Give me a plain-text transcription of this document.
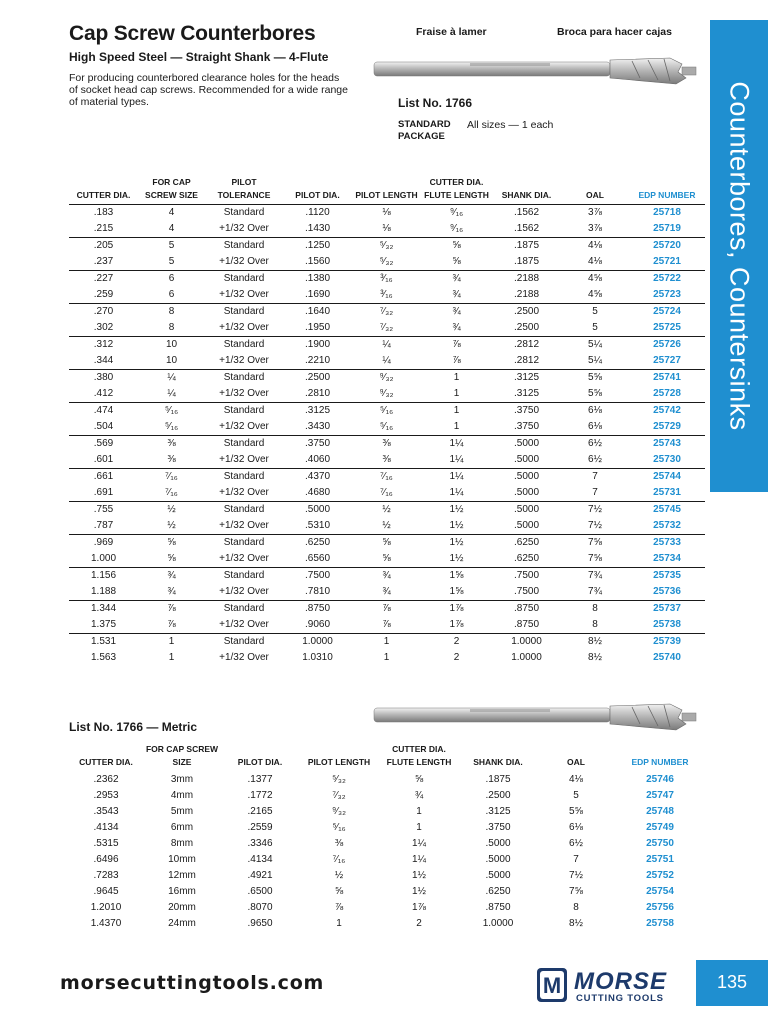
Cap Screw Counterbores
High Speed Steel — Straight Shank — 4-Flute
For producing counterbored clearance holes for the heads of socket head cap screws. Recommended for a wide range of material types.
Fraise à lamer	Broca para hacer cajas
List No. 1766
STANDARD PACKAGE
All sizes — 1 each	Counterbores, Countersinks
CUTTER DIA.	FOR CAP SCREW SIZE	PILOT TOLERANCE	PILOT DIA.	PILOT LENGTH	CUTTER DIA. FLUTE LENGTH	SHANK DIA.	OAL	EDP NUMBER
.183	4	Standard	.1120	⅛	⁹⁄₁₆	.1562	3⅞	25718
.215	4	+1/32 Over	.1430	⅛	⁹⁄₁₆	.1562	3⅞	25719
.205	5	Standard	.1250	⁵⁄₃₂	⅝	.1875	4⅛	25720
.237	5	+1/32 Over	.1560	⁵⁄₃₂	⅝	.1875	4⅛	25721
.227	6	Standard	.1380	³⁄₁₆	¾	.2188	4⅝	25722
.259	6	+1/32 Over	.1690	³⁄₁₆	¾	.2188	4⅝	25723
.270	8	Standard	.1640	⁷⁄₃₂	¾	.2500	5	25724
.302	8	+1/32 Over	.1950	⁷⁄₃₂	¾	.2500	5	25725
.312	10	Standard	.1900	¼	⅞	.2812	5¼	25726
.344	10	+1/32 Over	.2210	¼	⅞	.2812	5¼	25727
.380	¼	Standard	.2500	⁹⁄₃₂	1	.3125	5⅝	25741
.412	¼	+1/32 Over	.2810	⁹⁄₃₂	1	.3125	5⅝	25728
.474	⁵⁄₁₆	Standard	.3125	⁵⁄₁₆	1	.3750	6⅛	25742
.504	⁵⁄₁₆	+1/32 Over	.3430	⁵⁄₁₆	1	.3750	6⅛	25729
.569	⅜	Standard	.3750	⅜	1¼	.5000	6½	25743
.601	⅜	+1/32 Over	.4060	⅜	1¼	.5000	6½	25730
.661	⁷⁄₁₆	Standard	.4370	⁷⁄₁₆	1¼	.5000	7	25744
.691	⁷⁄₁₆	+1/32 Over	.4680	⁷⁄₁₆	1¼	.5000	7	25731
.755	½	Standard	.5000	½	1½	.5000	7½	25745
.787	½	+1/32 Over	.5310	½	1½	.5000	7½	25732
.969	⅝	Standard	.6250	⅝	1½	.6250	7⅝	25733
1.000	⅝	+1/32 Over	.6560	⅝	1½	.6250	7⅝	25734
1.156	¾	Standard	.7500	¾	1⅝	.7500	7¾	25735
1.188	¾	+1/32 Over	.7810	¾	1⅝	.7500	7¾	25736
1.344	⅞	Standard	.8750	⅞	1⅞	.8750	8	25737
1.375	⅞	+1/32 Over	.9060	⅞	1⅞	.8750	8	25738
1.531	1	Standard	1.0000	1	2	1.0000	8½	25739
1.563	1	+1/32 Over	1.0310	1	2	1.0000	8½	25740
List No. 1766 — Metric
CUTTER DIA.	FOR CAP SCREW SIZE	PILOT DIA.	PILOT LENGTH	CUTTER DIA. FLUTE LENGTH	SHANK DIA.	OAL	EDP NUMBER
.2362	3mm	.1377	⁵⁄₃₂	⅝	.1875	4⅛	25746
.2953	4mm	.1772	⁷⁄₃₂	¾	.2500	5	25747
.3543	5mm	.2165	⁹⁄₃₂	1	.3125	5⅝	25748
.4134	6mm	.2559	⁵⁄₁₆	1	.3750	6⅛	25749
.5315	8mm	.3346	⅜	1¼	.5000	6½	25750
.6496	10mm	.4134	⁷⁄₁₆	1¼	.5000	7	25751
.7283	12mm	.4921	½	1½	.5000	7½	25752
.9645	16mm	.6500	⅝	1½	.6250	7⅝	25754
1.2010	20mm	.8070	⅞	1⅞	.8750	8	25756
1.4370	24mm	.9650	1	2	1.0000	8½	25758
morsecuttingtools.com	M MORSE
CUTTING TOOLS
135
